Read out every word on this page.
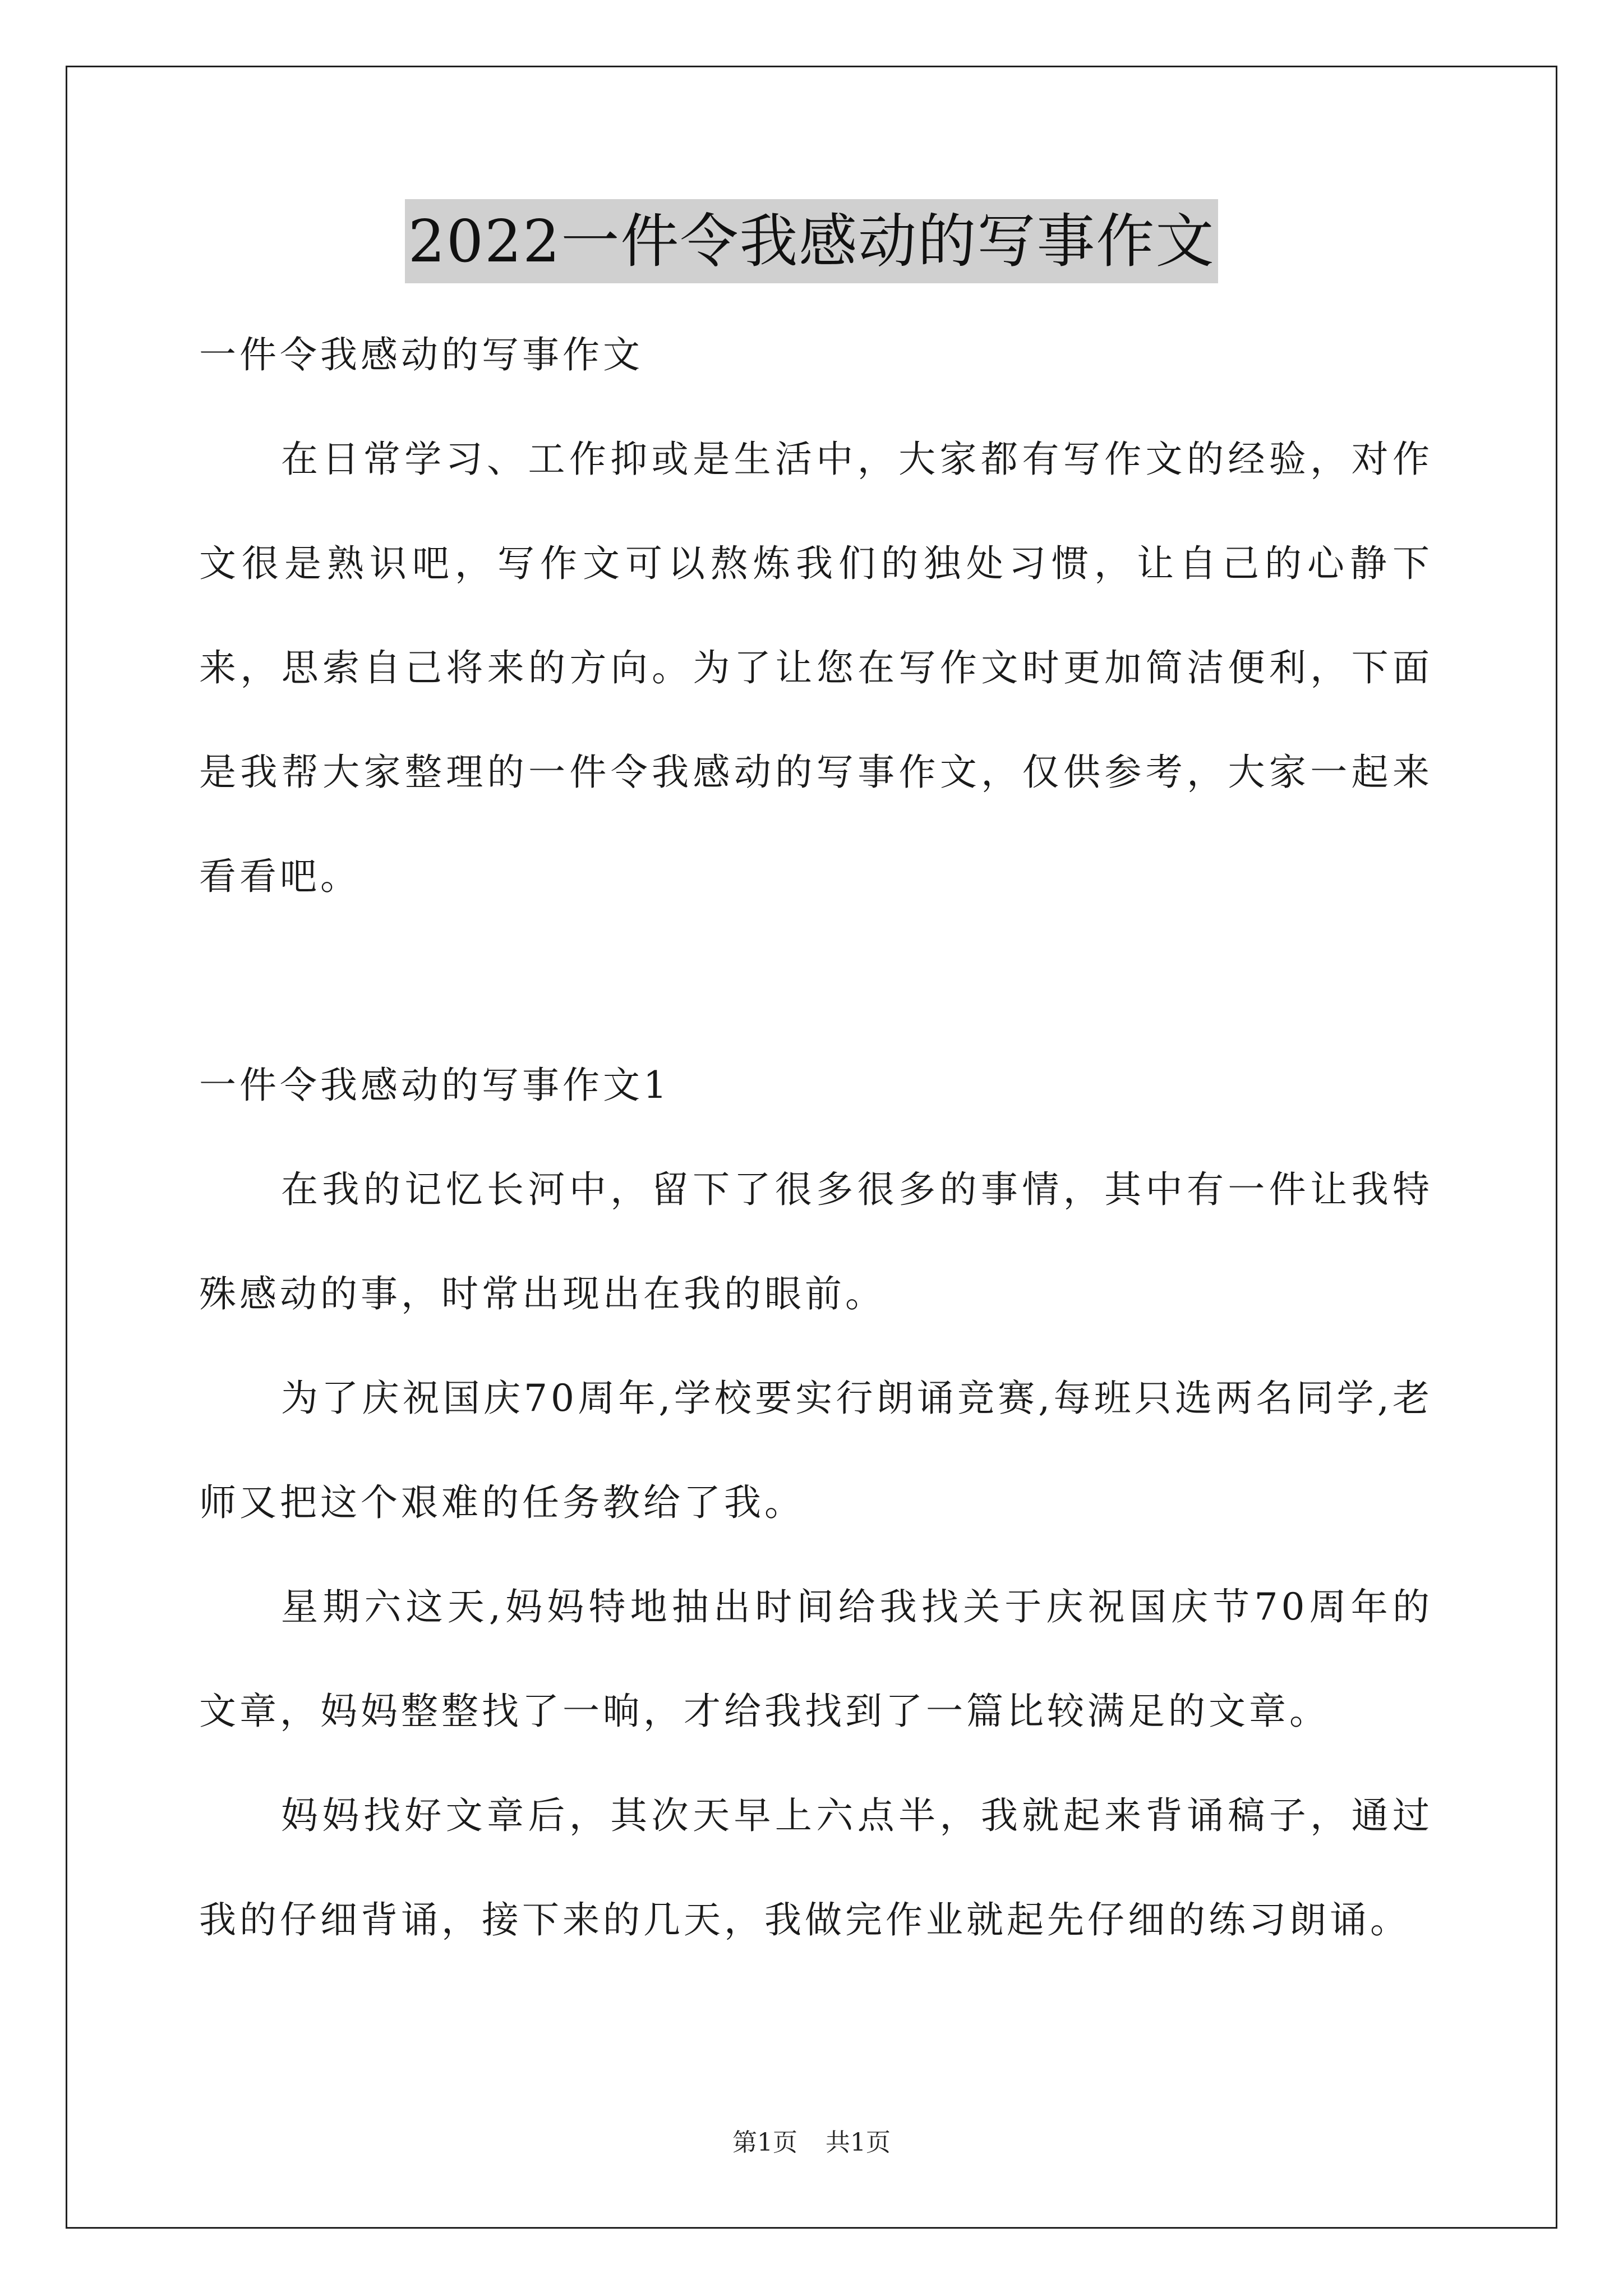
2022一件令我感动的写事作文

一件令我感动的写事作文

在日常学习、工作抑或是生活中，大家都有写作文的经验，对作文很是熟识吧，写作文可以熬炼我们的独处习惯，让自己的心静下来，思索自己将来的方向。为了让您在写作文时更加简洁便利，下面是我帮大家整理的一件令我感动的写事作文，仅供参考，大家一起来看看吧。

一件令我感动的写事作文1

在我的记忆长河中，留下了很多很多的事情，其中有一件让我特殊感动的事，时常出现出在我的眼前。

为了庆祝国庆70周年,学校要实行朗诵竞赛,每班只选两名同学,老师又把这个艰难的任务教给了我。

星期六这天,妈妈特地抽出时间给我找关于庆祝国庆节70周年的文章，妈妈整整找了一晌，才给我找到了一篇比较满足的文章。

妈妈找好文章后，其次天早上六点半，我就起来背诵稿子，通过我的仔细背诵，接下来的几天，我做完作业就起先仔细的练习朗诵。

第1页 共1页
